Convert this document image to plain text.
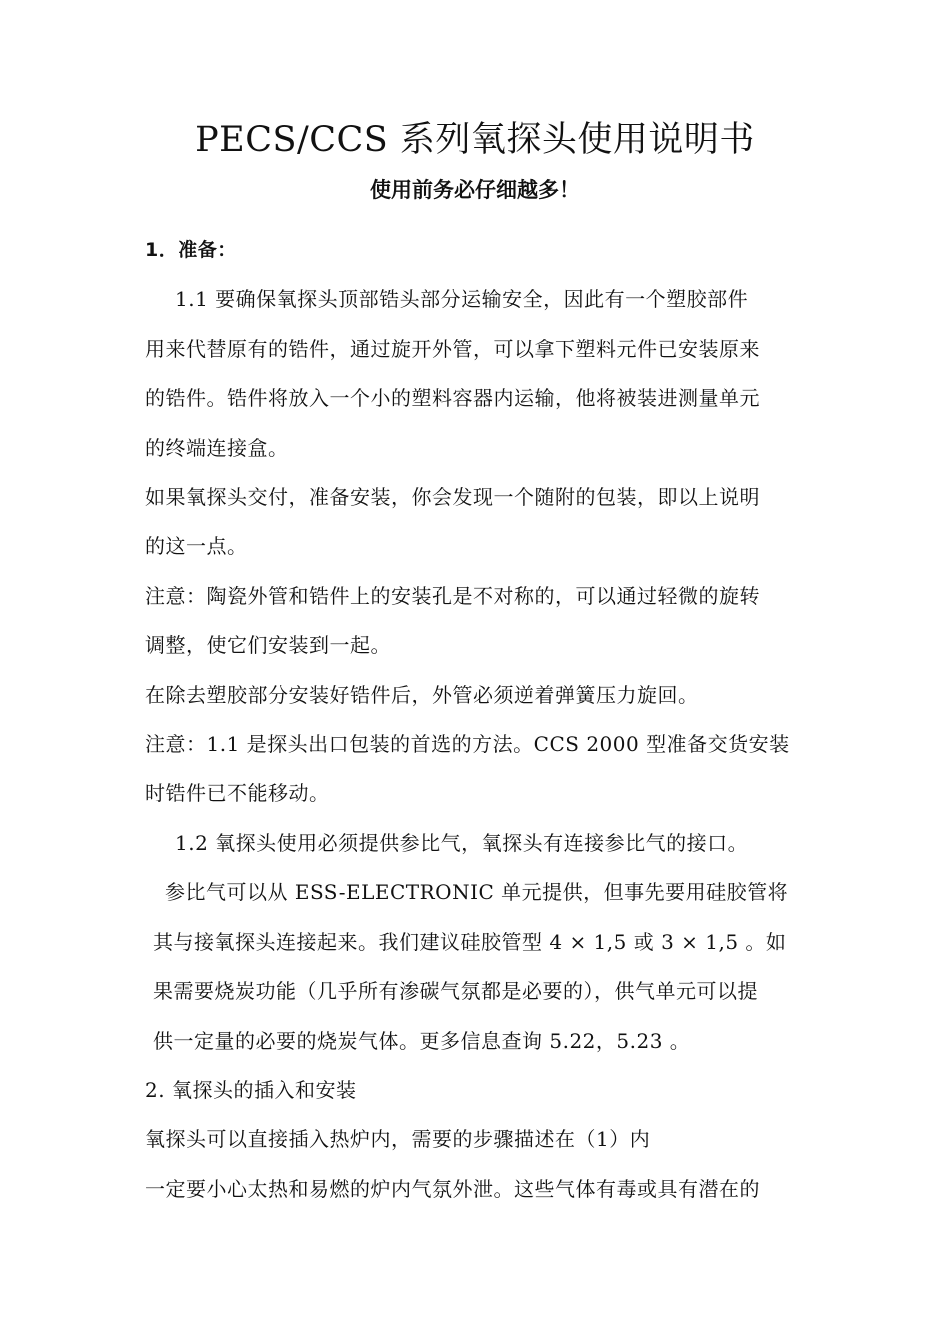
PECS/CCS 系列氧探头使用说明书
使用前务必仔细越多！

1．准备：

1.1 要确保氧探头顶部锆头部分运输安全，因此有一个塑胶部件

用来代替原有的锆件，通过旋开外管，可以拿下塑料元件已安装原来

的锆件。锆件将放入一个小的塑料容器内运输，他将被装进测量单元

的终端连接盒。

如果氧探头交付，准备安装，你会发现一个随附的包装，即以上说明

的这一点。

注意：陶瓷外管和锆件上的安装孔是不对称的，可以通过轻微的旋转

调整，使它们安装到一起。

在除去塑胶部分安装好锆件后，外管必须逆着弹簧压力旋回。

注意：1.1 是探头出口包装的首选的方法。CCS 2000 型准备交货安装

时锆件已不能移动。

1.2 氧探头使用必须提供参比气，氧探头有连接参比气的接口。

参比气可以从 ESS-ELECTRONIC 单元提供，但事先要用硅胶管将

其与接氧探头连接起来。我们建议硅胶管型 4 × 1,5 或 3 × 1,5 。如

果需要烧炭功能（几乎所有渗碳气氛都是必要的），供气单元可以提

供一定量的必要的烧炭气体。更多信息查询 5.22，5.23 。

2. 氧探头的插入和安装

氧探头可以直接插入热炉内，需要的步骤描述在（1）内

一定要小心太热和易燃的炉内气氛外泄。这些气体有毒或具有潜在的
